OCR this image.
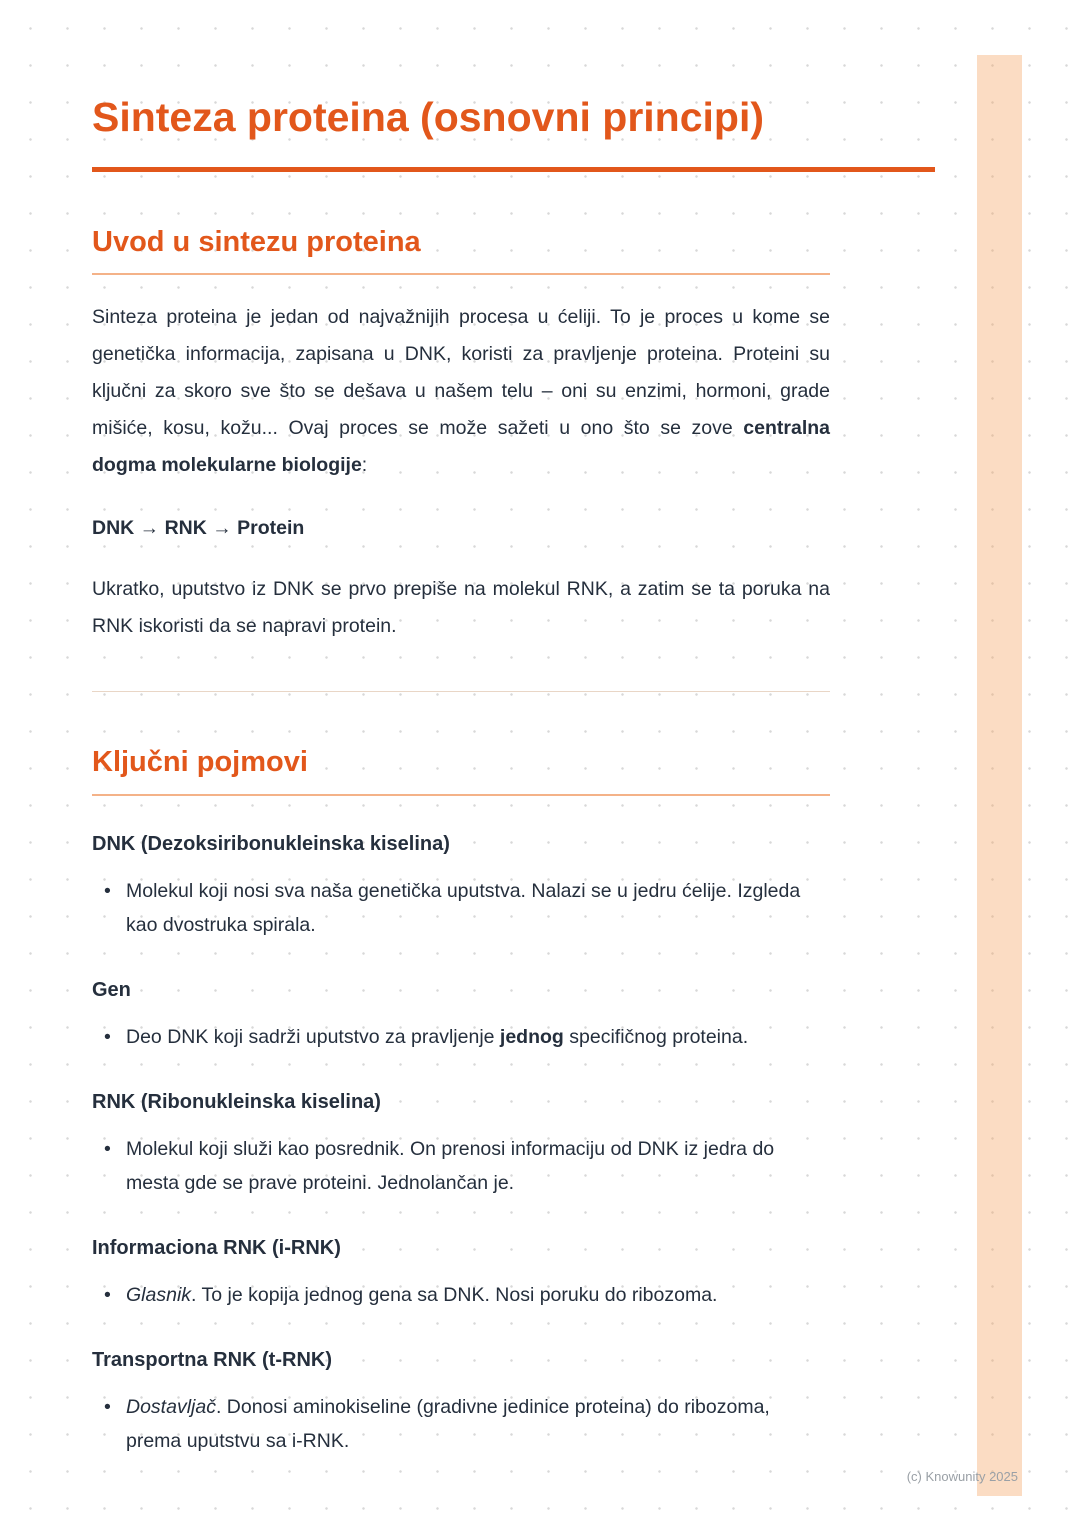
Sinteza proteina (osnovni principi)
Uvod u sintezu proteina

Sinteza proteina je jedan od najvažnijih procesa u ćeliji. To je proces u kome se genetička informacija, zapisana u DNK, koristi za pravljenje proteina. Proteini su ključni za skoro sve što se dešava u našem telu – oni su enzimi, hormoni, grade mišiće, kosu, kožu... Ovaj proces se može sažeti u ono što se zove centralna dogma molekularne biologije:

DNK → RNK → Protein

Ukratko, uputstvo iz DNK se prvo prepiše na molekul RNK, a zatim se ta poruka na RNK iskoristi da se napravi protein.

Ključni pojmovi
DNK (Dezoksiribonukleinska kiselina)
• Molekul koji nosi sva naša genetička uputstva. Nalazi se u jedru ćelije. Izgleda kao dvostruka spirala.
Gen
• Deo DNK koji sadrži uputstvo za pravljenje jednog specifičnog proteina.
RNK (Ribonukleinska kiselina)
• Molekul koji služi kao posrednik. On prenosi informaciju od DNK iz jedra do mesta gde se prave proteini. Jednolančan je.
Informaciona RNK (i-RNK)
• Glasnik. To je kopija jednog gena sa DNK. Nosi poruku do ribozoma.
Transportna RNK (t-RNK)
• Dostavljač. Donosi aminokiseline (gradivne jedinice proteina) do ribozoma, prema uputstvu sa i-RNK.
(c) Knowunity 2025
